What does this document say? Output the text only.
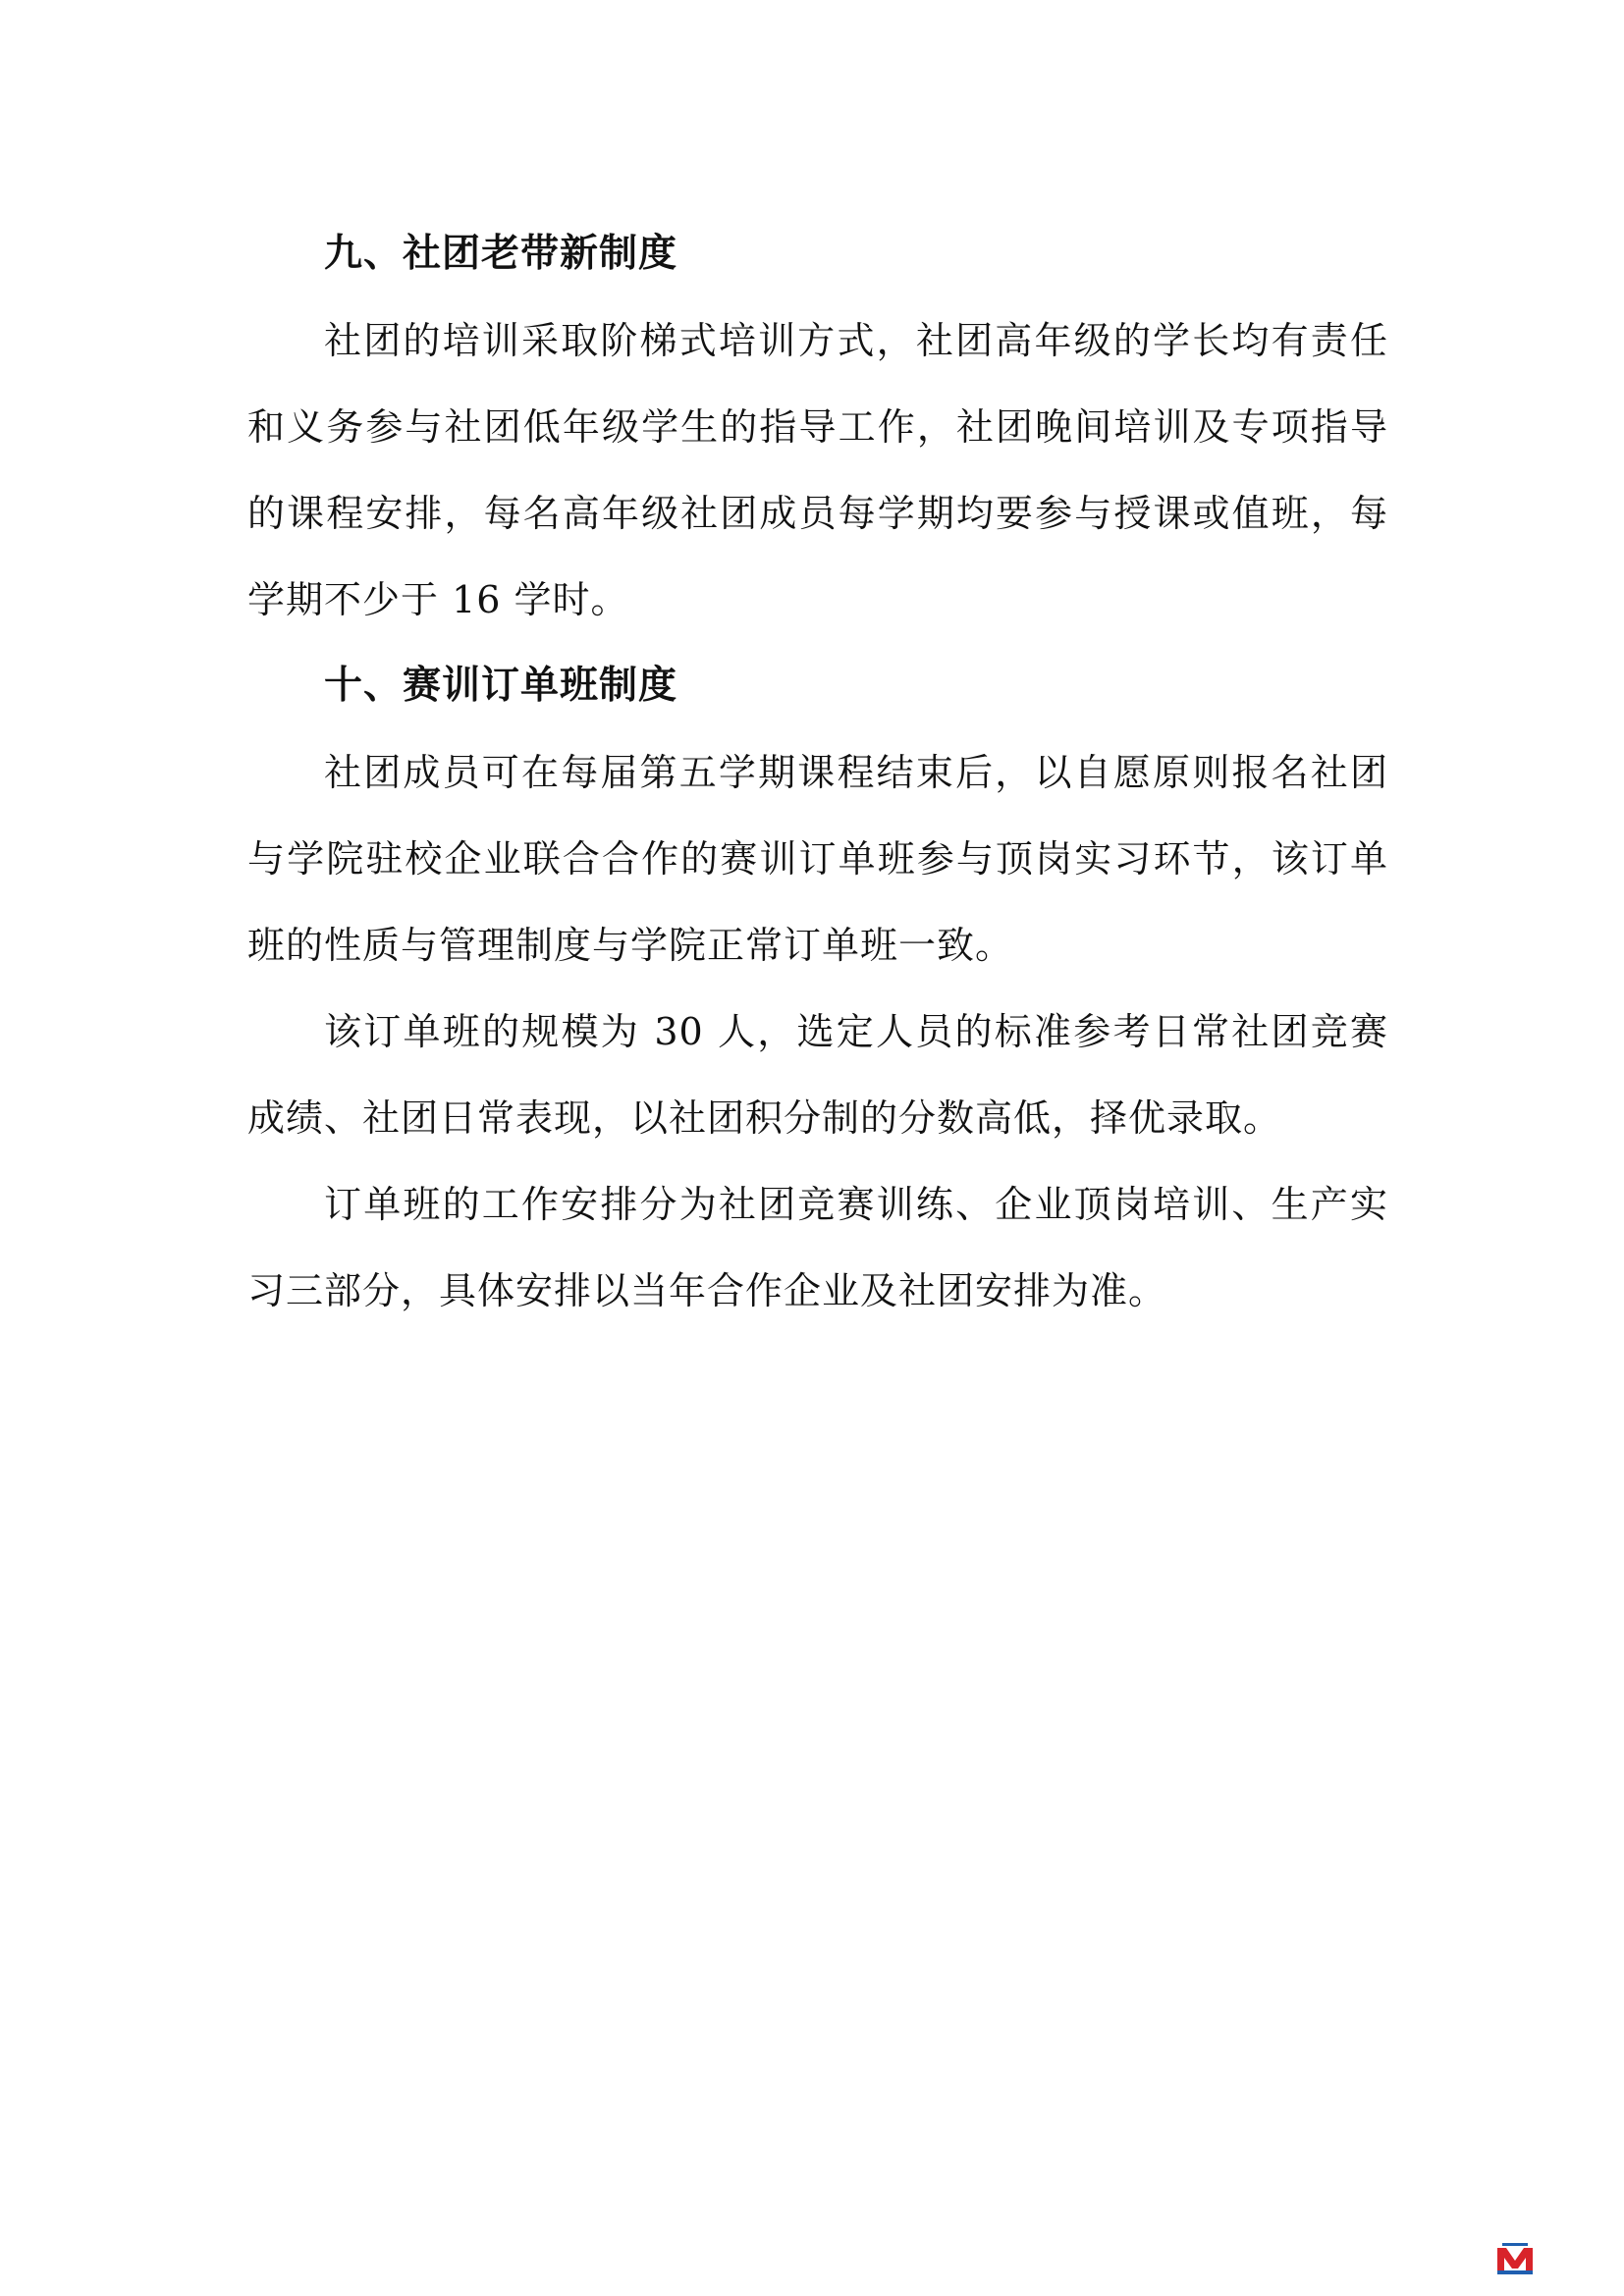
九、社团老带新制度

社团的培训采取阶梯式培训方式，社团高年级的学长均有责任和义务参与社团低年级学生的指导工作，社团晚间培训及专项指导的课程安排，每名高年级社团成员每学期均要参与授课或值班，每学期不少于 16 学时。

十、赛训订单班制度

社团成员可在每届第五学期课程结束后，以自愿原则报名社团与学院驻校企业联合合作的赛训订单班参与顶岗实习环节，该订单班的性质与管理制度与学院正常订单班一致。

该订单班的规模为 30 人，选定人员的标准参考日常社团竞赛成绩、社团日常表现，以社团积分制的分数高低，择优录取。

订单班的工作安排分为社团竞赛训练、企业顶岗培训、生产实习三部分，具体安排以当年合作企业及社团安排为准。
